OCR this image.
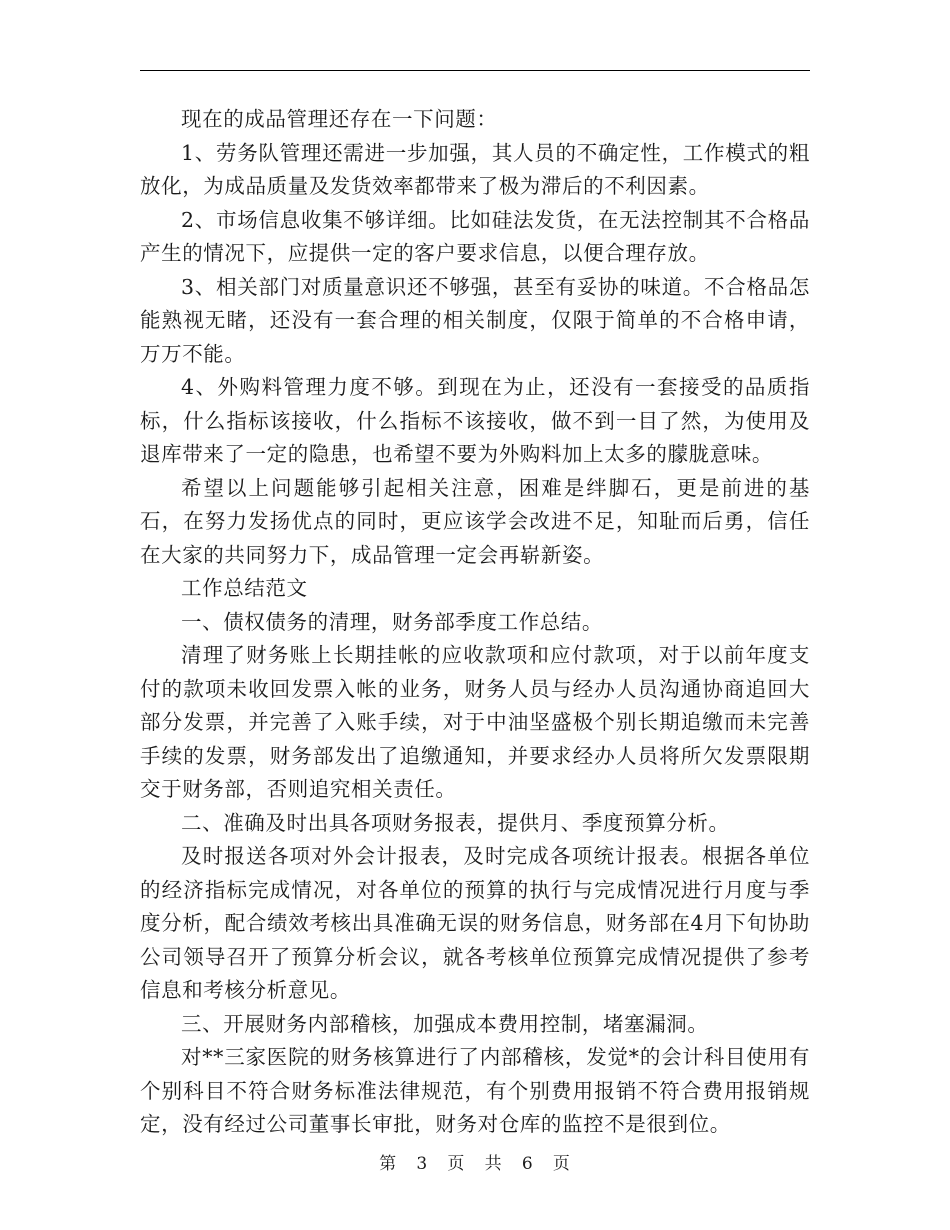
现在的成品管理还存在一下问题：

1、劳务队管理还需进一步加强，其人员的不确定性，工作模式的粗放化，为成品质量及发货效率都带来了极为滞后的不利因素。

2、市场信息收集不够详细。比如硅法发货，在无法控制其不合格品产生的情况下，应提供一定的客户要求信息，以便合理存放。

3、相关部门对质量意识还不够强，甚至有妥协的味道。不合格品怎能熟视无睹，还没有一套合理的相关制度，仅限于简单的不合格申请，万万不能。

4、外购料管理力度不够。到现在为止，还没有一套接受的品质指标，什么指标该接收，什么指标不该接收，做不到一目了然，为使用及退库带来了一定的隐患，也希望不要为外购料加上太多的朦胧意味。

希望以上问题能够引起相关注意，困难是绊脚石，更是前进的基石，在努力发扬优点的同时，更应该学会改进不足，知耻而后勇，信任在大家的共同努力下，成品管理一定会再崭新姿。

工作总结范文

一、债权债务的清理，财务部季度工作总结。

清理了财务账上长期挂帐的应收款项和应付款项，对于以前年度支付的款项未收回发票入帐的业务，财务人员与经办人员沟通协商追回大部分发票，并完善了入账手续，对于中油坚盛极个别长期追缴而未完善手续的发票，财务部发出了追缴通知，并要求经办人员将所欠发票限期交于财务部，否则追究相关责任。

二、准确及时出具各项财务报表，提供月、季度预算分析。

及时报送各项对外会计报表，及时完成各项统计报表。根据各单位的经济指标完成情况，对各单位的预算的执行与完成情况进行月度与季度分析，配合绩效考核出具准确无误的财务信息，财务部在4月下旬协助公司领导召开了预算分析会议，就各考核单位预算完成情况提供了参考信息和考核分析意见。

三、开展财务内部稽核，加强成本费用控制，堵塞漏洞。

对**三家医院的财务核算进行了内部稽核，发觉*的会计科目使用有个别科目不符合财务标准法律规范，有个别费用报销不符合费用报销规定，没有经过公司董事长审批，财务对仓库的监控不是很到位。

第 3 页 共 6 页
